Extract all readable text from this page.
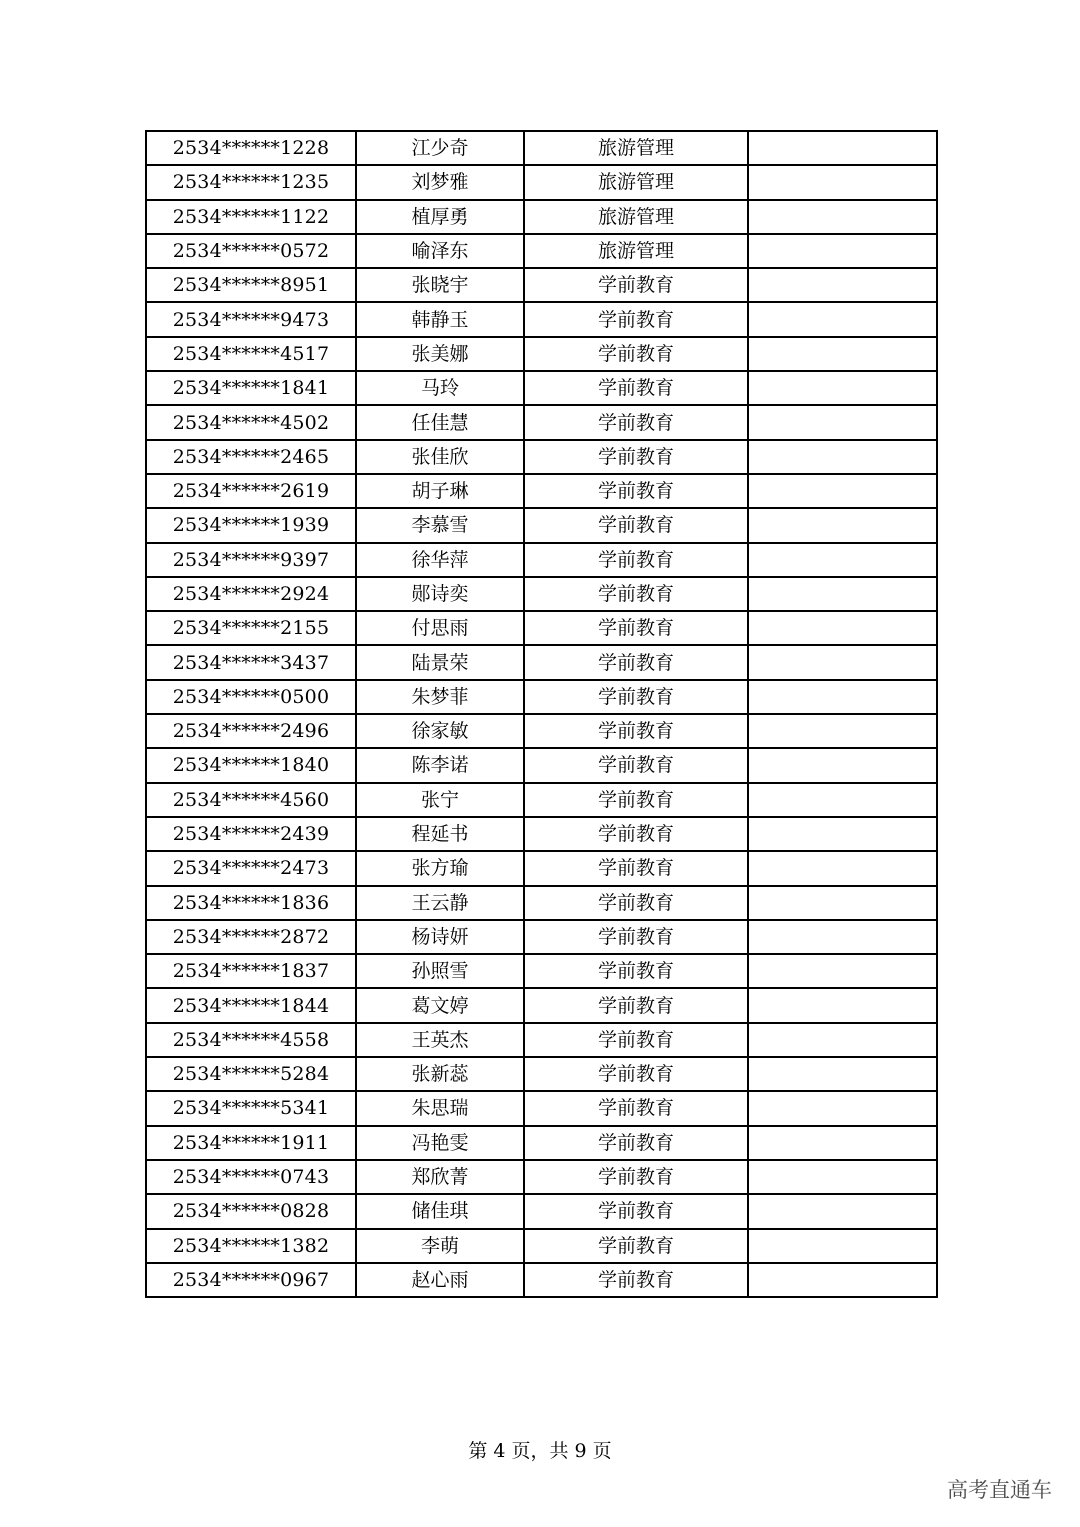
2534******1228	江少奇	旅游管理	
2534******1235	刘梦雅	旅游管理	
2534******1122	植厚勇	旅游管理	
2534******0572	喻泽东	旅游管理	
2534******8951	张晓宇	学前教育	
2534******9473	韩静玉	学前教育	
2534******4517	张美娜	学前教育	
2534******1841	马玲	学前教育	
2534******4502	任佳慧	学前教育	
2534******2465	张佳欣	学前教育	
2534******2619	胡子琳	学前教育	
2534******1939	李慕雪	学前教育	
2534******9397	徐华萍	学前教育	
2534******2924	郧诗奕	学前教育	
2534******2155	付思雨	学前教育	
2534******3437	陆景荣	学前教育	
2534******0500	朱梦菲	学前教育	
2534******2496	徐家敏	学前教育	
2534******1840	陈李诺	学前教育	
2534******4560	张宁	学前教育	
2534******2439	程延书	学前教育	
2534******2473	张方瑜	学前教育	
2534******1836	王云静	学前教育	
2534******2872	杨诗妍	学前教育	
2534******1837	孙照雪	学前教育	
2534******1844	葛文婷	学前教育	
2534******4558	王英杰	学前教育	
2534******5284	张新蕊	学前教育	
2534******5341	朱思瑞	学前教育	
2534******1911	冯艳雯	学前教育	
2534******0743	郑欣菁	学前教育	
2534******0828	储佳琪	学前教育	
2534******1382	李萌	学前教育	
2534******0967	赵心雨	学前教育	
第 4 页，共 9 页
高考直通车
